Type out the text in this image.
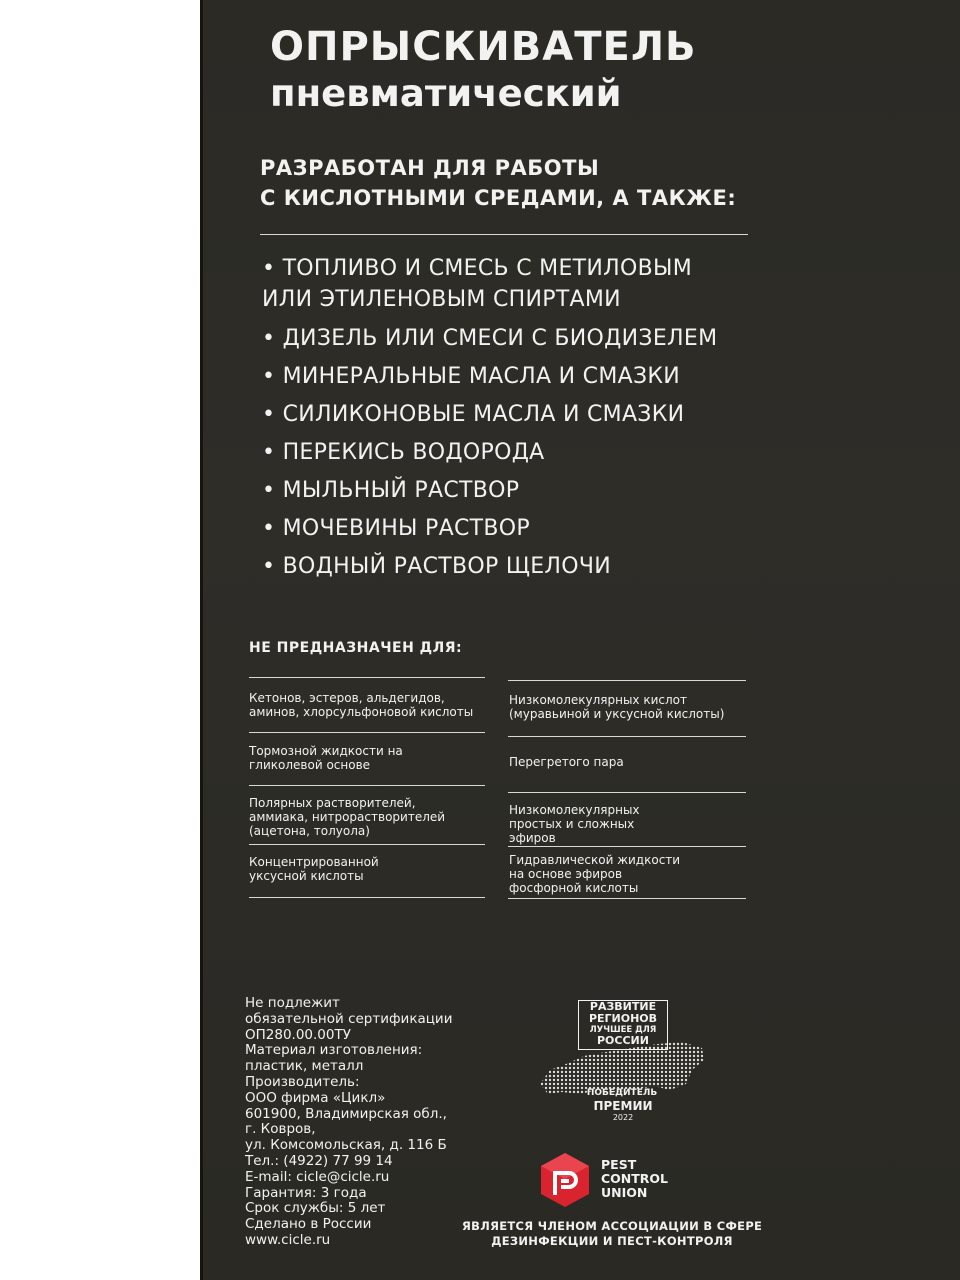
ОПРЫСКИВАТЕЛЬ
пневматический
РАЗРАБОТАН ДЛЯ РАБОТЫ
С КИСЛОТНЫМИ СРЕДАМИ, А ТАКЖЕ:
• ТОПЛИВО И СМЕСЬ С МЕТИЛОВЫМ
ИЛИ ЭТИЛЕНОВЫМ СПИРТАМИ
• ДИЗЕЛЬ ИЛИ СМЕСИ С БИОДИЗЕЛЕМ
• МИНЕРАЛЬНЫЕ МАСЛА И СМАЗКИ
• СИЛИКОНОВЫЕ МАСЛА И СМАЗКИ
• ПЕРЕКИСЬ ВОДОРОДА
• МЫЛЬНЫЙ РАСТВОР
• МОЧЕВИНЫ РАСТВОР
• ВОДНЫЙ РАСТВОР ЩЕЛОЧИ
НЕ ПРЕДНАЗНАЧЕН ДЛЯ:
Кетонов, эстеров, альдегидов, аминов, хлорсульфоновой кислоты
Тормозной жидкости на гликолевой основе
Полярных растворителей, аммиака, нитрорастворителей (ацетона, толуола)
Концентрированной уксусной кислоты
Низкомолекулярных кислот (муравьиной и уксусной кислоты)
Перегретого пара
Низкомолекулярных простых и сложных эфиров
Гидравлической жидкости на основе эфиров фосфорной кислоты
Не подлежит
обязательной сертификации
ОП280.00.00ТУ
Материал изготовления:
пластик, металл
Производитель:
ООО фирма «Цикл»
601900, Владимирская обл.,
г. Ковров,
ул. Комсомольская, д. 116 Б
Тел.: (4922) 77 99 14
E-mail: cicle@cicle.ru
Гарантия: 3 года
Срок службы: 5 лет
Сделано в России
www.cicle.ru
РАЗВИТИЕ
РЕГИОНОВ
ЛУЧШЕЕ ДЛЯ
РОССИИ
ПОБЕДИТЕЛЬ
ПРЕМИИ
2022
PEST
CONTROL
UNION
ЯВЛЯЕТСЯ ЧЛЕНОМ АССОЦИАЦИИ В СФЕРЕ
ДЕЗИНФЕКЦИИ И ПЕСТ-КОНТРОЛЯ
